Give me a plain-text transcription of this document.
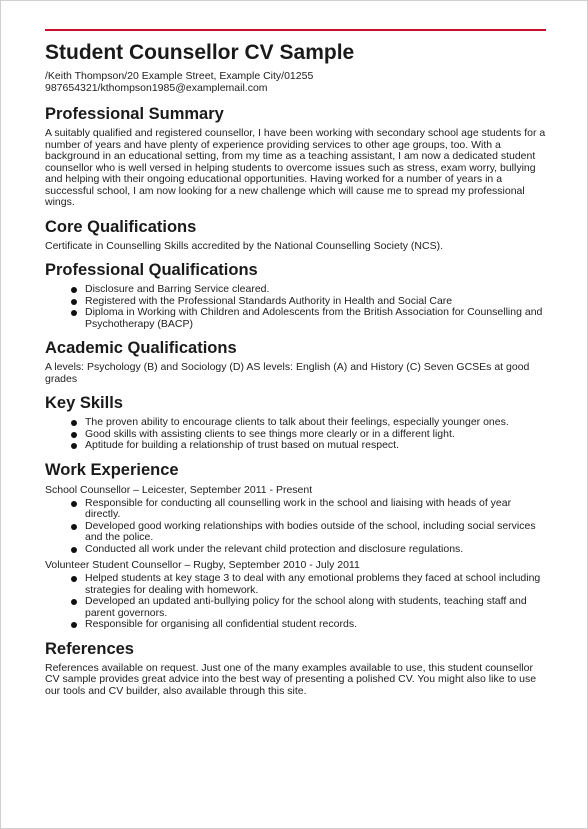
Student Counsellor CV Sample
/Keith Thompson/20 Example Street, Example City/01255
987654321/kthompson1985@examplemail.com
Professional Summary

A suitably qualified and registered counsellor, I have been working with secondary school age students for a number of years and have plenty of experience providing services to other age groups, too. With a background in an educational setting, from my time as a teaching assistant, I am now a dedicated student counsellor who is well versed in helping students to overcome issues such as stress, exam worry, bullying and helping with their ongoing educational opportunities. Having worked for a number of years in a successful school, I am now looking for a new challenge which will cause me to spread my professional wings.

Core Qualifications

Certificate in Counselling Skills accredited by the National Counselling Society (NCS).

Professional Qualifications
Disclosure and Barring Service cleared.
Registered with the Professional Standards Authority in Health and Social Care
Diploma in Working with Children and Adolescents from the British Association for Counselling and Psychotherapy (BACP)
Academic Qualifications

A levels: Psychology (B) and Sociology (D) AS levels: English (A) and History (C) Seven GCSEs at good grades

Key Skills
The proven ability to encourage clients to talk about their feelings, especially younger ones.
Good skills with assisting clients to see things more clearly or in a different light.
Aptitude for building a relationship of trust based on mutual respect.
Work Experience
School Counsellor – Leicester, September 2011 - Present
Responsible for conducting all counselling work in the school and liaising with heads of year directly.
Developed good working relationships with bodies outside of the school, including social services and the police.
Conducted all work under the relevant child protection and disclosure regulations.
Volunteer Student Counsellor – Rugby, September 2010 - July 2011
Helped students at key stage 3 to deal with any emotional problems they faced at school including strategies for dealing with homework.
Developed an updated anti-bullying policy for the school along with students, teaching staff and parent governors.
Responsible for organising all confidential student records.
References

References available on request. Just one of the many examples available to use, this student counsellor CV sample provides great advice into the best way of presenting a polished CV. You might also like to use our tools and CV builder, also available through this site.
